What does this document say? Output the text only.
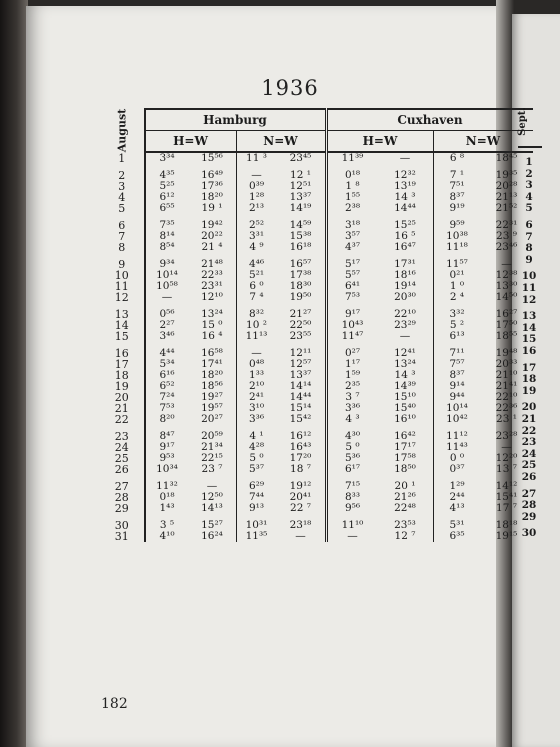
1936
August	Hamburg				Cuxhaven			
	H=W		N=W		H=W		N=W	
1	3³⁴	15⁵⁶	11 ³	23⁴⁵	11³⁹	—	6 ⁸	18⁴⁵

2	4³⁵	16⁴⁹	—	12 ¹	0¹⁸	12³²	7 ¹	19³⁵
3	5²⁵	17³⁶	0³⁹	12⁵¹	1 ⁸	13¹⁹	7⁵¹	20²⁸
4	6¹²	18²⁰	1²⁸	13³⁷	1⁵⁵	14 ³	8³⁷	21¹³
5	6⁵⁵	19 ¹	2¹³	14¹⁹	2³⁸	14⁴⁴	9¹⁹	21⁵²

6	7³⁵	19⁴²	2⁵²	14⁵⁹	3¹⁸	15²⁵	9⁵⁹	22³¹
7	8¹⁴	20²²	3³¹	15³⁸	3⁵⁷	16 ⁵	10³⁸	23 ⁹
8	8⁵⁴	21 ⁴	4 ⁹	16¹⁸	4³⁷	16⁴⁷	11¹⁸	23⁴⁶

9	9³⁴	21⁴⁸	4⁴⁶	16⁵⁷	5¹⁷	17³¹	11⁵⁷	—
10	10¹⁴	22³³	5²¹	17³⁸	5⁵⁷	18¹⁶	0²¹	12³⁸
11	10⁵⁸	23³¹	6 ⁰	18³⁰	6⁴¹	19¹⁴	1 ⁰	13³⁰
12	—	12¹⁰	7 ⁴	19⁵⁰	7⁵³	20³⁰	2 ⁴	14⁵⁰

13	0⁵⁶	13²⁴	8³²	21²⁷	9¹⁷	22¹⁰	3³²	16²⁷
14	2²⁷	15 ⁰	10 ²	22⁵⁰	10⁴³	23²⁹	5 ²	17⁵⁰
15	3⁴⁶	16 ⁴	11¹³	23⁵⁵	11⁴⁷	—	6¹³	18⁵⁵

16	4⁴⁴	16⁵⁸	—	12¹¹	0²⁷	12⁴¹	7¹¹	19⁴⁸
17	5³⁴	17⁴¹	0⁴⁸	12⁵⁷	1¹⁷	13²⁴	7⁵⁷	20³³
18	6¹⁶	18²⁰	1³³	13³⁷	1⁵⁹	14 ³	8³⁷	21¹⁰
19	6⁵²	18⁵⁶	2¹⁰	14¹⁴	2³⁵	14³⁹	9¹⁴	21⁴¹
20	7²⁴	19²⁷	2⁴¹	14⁴⁴	3 ⁷	15¹⁰	9⁴⁴	22¹⁰
21	7⁵³	19⁵⁷	3¹⁰	15¹⁴	3³⁶	15⁴⁰	10¹⁴	22³⁶
22	8²⁰	20²⁷	3³⁶	15⁴²	4 ³	16¹⁰	10⁴²	23 ¹

23	8⁴⁷	20⁵⁹	4 ¹	16¹²	4³⁰	16⁴²	11¹²	23²⁸
24	9¹⁷	21³⁴	4²⁸	16⁴³	5 ⁰	17¹⁷	11⁴³	—
25	9⁵³	22¹⁵	5 ⁰	17²⁰	5³⁶	17⁵⁸	0 ⁰	12²⁰
26	10³⁴	23 ⁷	5³⁷	18 ⁷	6¹⁷	18⁵⁰	0³⁷	13 ⁷

27	11³²	—	6²⁹	19¹²	7¹⁵	20 ¹	1²⁹	14¹²
28	0¹⁸	12⁵⁰	7⁴⁴	20⁴¹	8³³	21²⁶	2⁴⁴	15⁴¹
29	1⁴³	14¹³	9¹³	22 ⁷	9⁵⁶	22⁴⁸	4¹³	17 ⁷

30	3 ⁵	15²⁷	10³¹	23¹⁸	11¹⁰	23⁵³	5³¹	18¹⁸
31	4¹⁰	16²⁴	11³⁵	—	—	12 ⁷	6³⁵	19¹⁵
182
Sept.
1
2
3
4
5
6
7
8
9
10
11
12
13
14
15
16
17
18
19
20
21
22
23
24
25
26
27
28
29
30
